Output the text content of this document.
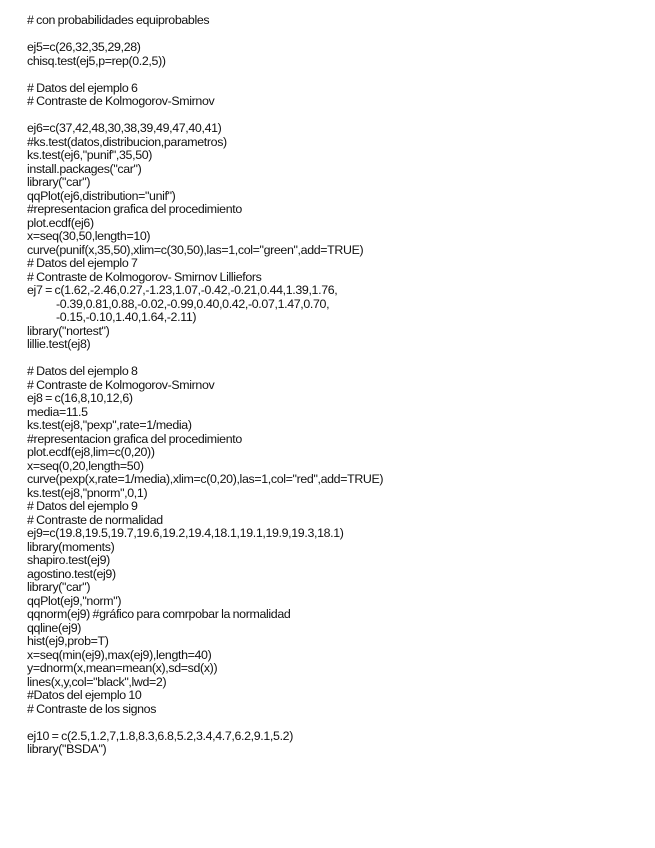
# con probabilidades equiprobables
ej5=c(26,32,35,29,28)
chisq.test(ej5,p=rep(0.2,5))
# Datos del ejemplo 6
# Contraste de Kolmogorov-Smirnov
ej6=c(37,42,48,30,38,39,49,47,40,41)
#ks.test(datos,distribucion,parametros)
ks.test(ej6,"punif",35,50)
install.packages("car")
library("car")
qqPlot(ej6,distribution="unif")
#representacion grafica del procedimiento
plot.ecdf(ej6)
x=seq(30,50,length=10)
curve(punif(x,35,50),xlim=c(30,50),las=1,col="green",add=TRUE)
# Datos del ejemplo 7
# Contraste de Kolmogorov- Smirnov Lilliefors
ej7 = c(1.62,-2.46,0.27,-1.23,1.07,-0.42,-0.21,0.44,1.39,1.76,
-0.39,0.81,0.88,-0.02,-0.99,0.40,0.42,-0.07,1.47,0.70,
-0.15,-0.10,1.40,1.64,-2.11)
library("nortest")
lillie.test(ej8)
# Datos del ejemplo 8
# Contraste de Kolmogorov-Smirnov
ej8 = c(16,8,10,12,6)
media=11.5
ks.test(ej8,"pexp",rate=1/media)
#representacion grafica del procedimiento
plot.ecdf(ej8,lim=c(0,20))
x=seq(0,20,length=50)
curve(pexp(x,rate=1/media),xlim=c(0,20),las=1,col="red",add=TRUE)
ks.test(ej8,"pnorm",0,1)
# Datos del ejemplo 9
# Contraste de normalidad
ej9=c(19.8,19.5,19.7,19.6,19.2,19.4,18.1,19.1,19.9,19.3,18.1)
library(moments)
shapiro.test(ej9)
agostino.test(ej9)
library("car")
qqPlot(ej9,"norm")
qqnorm(ej9) #gráfico para comrpobar la normalidad
qqline(ej9)
hist(ej9,prob=T)
x=seq(min(ej9),max(ej9),length=40)
y=dnorm(x,mean=mean(x),sd=sd(x))
lines(x,y,col="black",lwd=2)
#Datos del ejemplo 10
# Contraste de los signos
ej10 = c(2.5,1.2,7,1.8,8.3,6.8,5.2,3.4,4.7,6.2,9.1,5.2)
library("BSDA")
